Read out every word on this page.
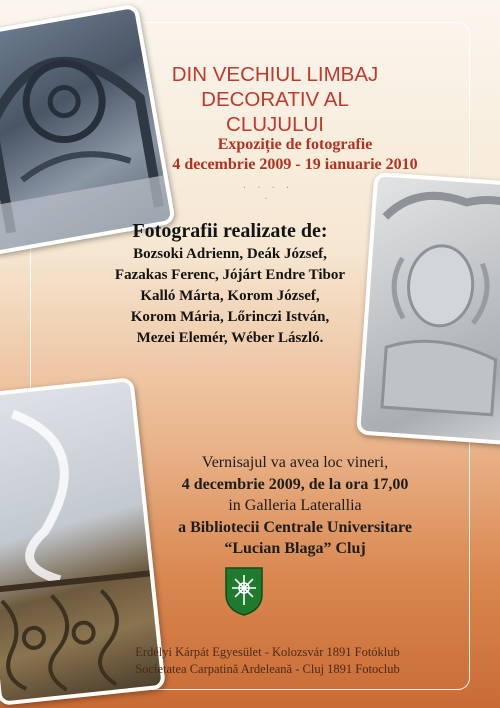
DIN VECHIUL LIMBAJ
DECORATIV AL CLUJULUI
Expoziție de fotografie
4 decembrie 2009 - 19 ianuarie 2010
. . . . .
Fotografii realizate de:
Bozsoki Adrienn, Deák József,
Fazakas Ferenc, Jójárt Endre Tibor
Kalló Márta, Korom József,
Korom Mária, Lőrinczi István,
Mezei Elemér, Wéber László.
Vernisajul va avea loc vineri,
4 decembrie 2009, de la ora 17,00
in Galleria Laterallia
a Bibliotecii Centrale Universitare
“Lucian Blaga” Cluj
Erdélyi Kárpát Egyesület - Kolozsvár 1891 Fotóklub
Societatea Carpatină Ardeleană - Cluj 1891 Fotoclub
